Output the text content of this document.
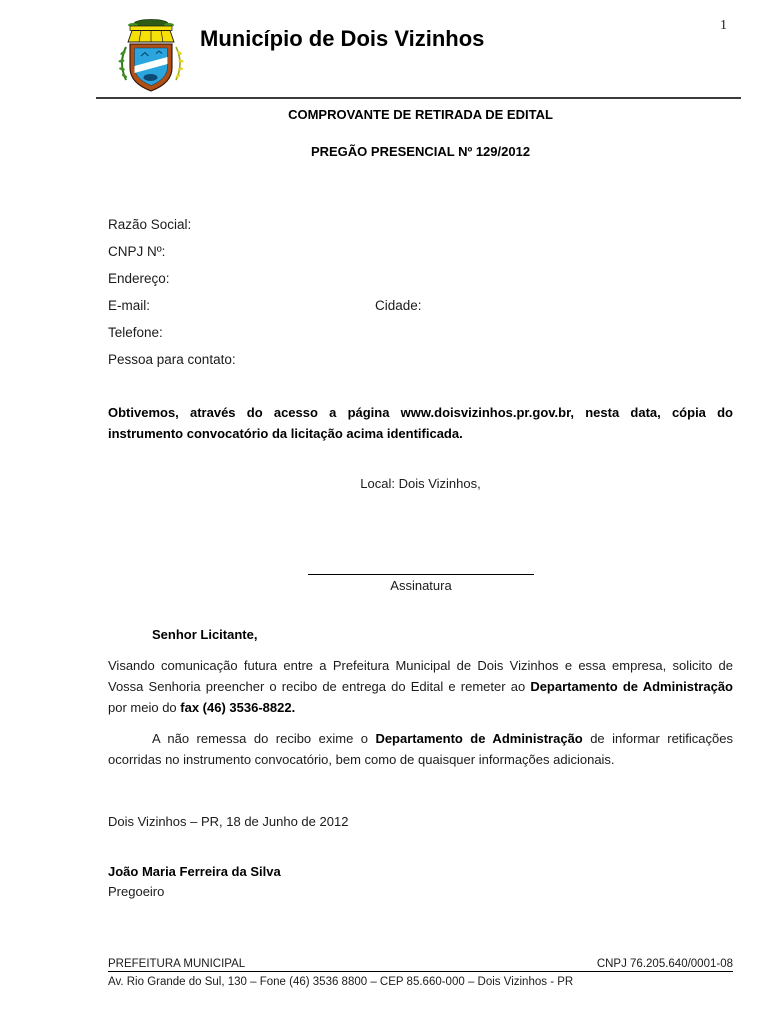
Município de Dois Vizinhos
1
COMPROVANTE DE RETIRADA DE EDITAL
PREGÃO PRESENCIAL Nº 129/2012
Razão Social:
CNPJ Nº:
Endereço:
E-mail:	Cidade:
Telefone:
Pessoa para contato:

Obtivemos, através do acesso a página www.doisvizinhos.pr.gov.br, nesta data, cópia do instrumento convocatório da licitação acima identificada.

Local: Dois Vizinhos,
Assinatura
Senhor Licitante,

Visando comunicação futura entre a Prefeitura Municipal de Dois Vizinhos e essa empresa, solicito de Vossa Senhoria preencher o recibo de entrega do Edital e remeter ao Departamento de Administração por meio do fax (46) 3536-8822.

A não remessa do recibo exime o Departamento de Administração de informar retificações ocorridas no instrumento convocatório, bem como de quaisquer informações adicionais.

Dois Vizinhos – PR, 18 de Junho de 2012
João Maria Ferreira da Silva
Pregoeiro
PREFEITURA MUNICIPAL	CNPJ 76.205.640/0001-08
Av. Rio Grande do Sul, 130 – Fone (46) 3536 8800 – CEP 85.660-000 – Dois Vizinhos - PR
